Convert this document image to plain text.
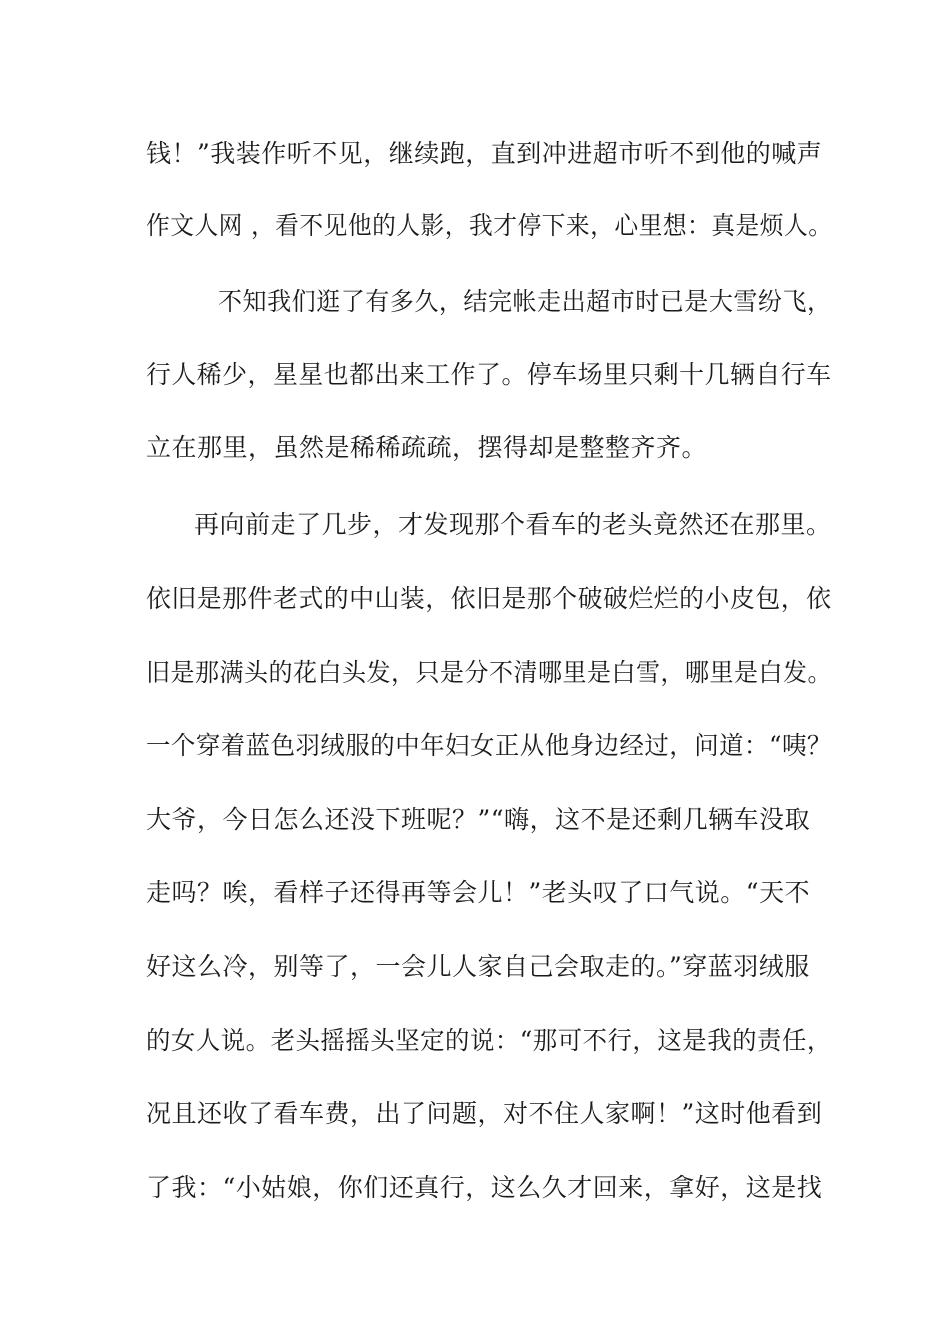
钱！”我装作听不见，继续跑，直到冲进超市听不到他的喊声
作文人网 ，看不见他的人影，我才停下来，心里想：真是烦人。
不知我们逛了有多久，结完帐走出超市时已是大雪纷飞，
行人稀少，星星也都出来工作了。停车场里只剩十几辆自行车
立在那里，虽然是稀稀疏疏，摆得却是整整齐齐。
再向前走了几步，才发现那个看车的老头竟然还在那里。
依旧是那件老式的中山装，依旧是那个破破烂烂的小皮包，依
旧是那满头的花白头发，只是分不清哪里是白雪，哪里是白发。
一个穿着蓝色羽绒服的中年妇女正从他身边经过，问道：“咦？
大爷，今日怎么还没下班呢？”“嗨，这不是还剩几辆车没取
走吗？唉，看样子还得再等会儿！”老头叹了口气说。“天不
好这么冷，别等了，一会儿人家自己会取走的。”穿蓝羽绒服
的女人说。老头摇摇头坚定的说：“那可不行，这是我的责任，
况且还收了看车费，出了问题，对不住人家啊！”这时他看到
了我：“小姑娘，你们还真行，这么久才回来，拿好，这是找
